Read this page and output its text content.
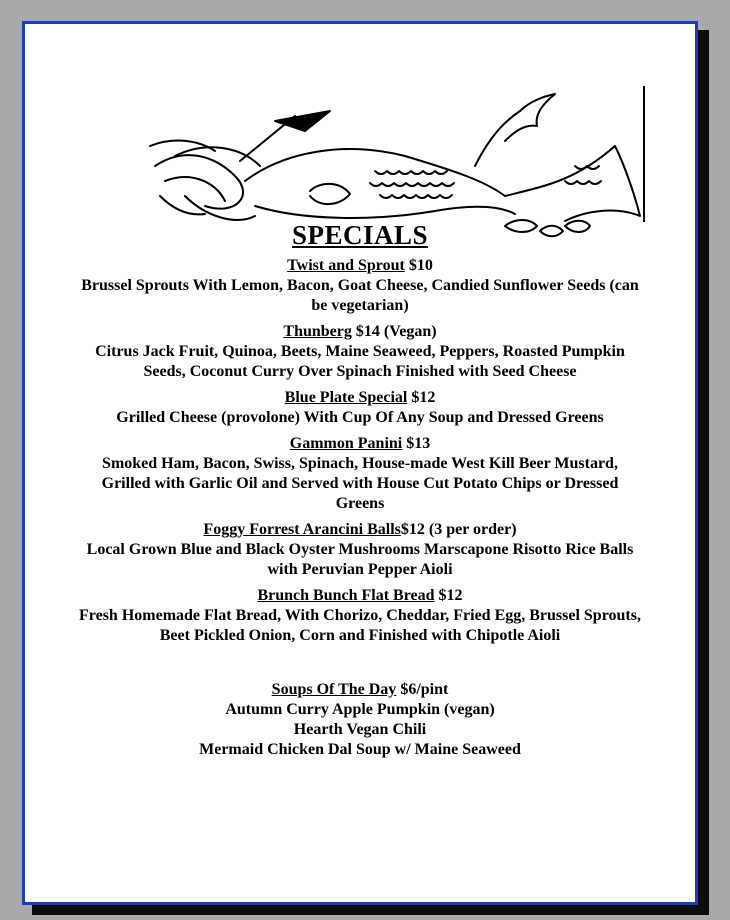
SPECIALS
Twist and Sprout $10
Brussel Sprouts With Lemon, Bacon, Goat Cheese, Candied Sunflower Seeds (can be vegetarian)
Thunberg $14 (Vegan)
Citrus Jack Fruit, Quinoa, Beets, Maine Seaweed, Peppers, Roasted Pumpkin Seeds, Coconut Curry Over Spinach Finished with Seed Cheese
Blue Plate Special $12
Grilled Cheese (provolone) With Cup Of Any Soup and Dressed Greens
Gammon Panini $13
Smoked Ham, Bacon, Swiss, Spinach, House-made West Kill Beer Mustard, Grilled with Garlic Oil and Served with House Cut Potato Chips or Dressed Greens
Foggy Forrest Arancini Balls$12 (3 per order)
Local Grown Blue and Black Oyster Mushrooms Marscapone Risotto Rice Balls with Peruvian Pepper Aioli
Brunch Bunch Flat Bread $12
Fresh Homemade Flat Bread, With Chorizo, Cheddar, Fried Egg, Brussel Sprouts, Beet Pickled Onion, Corn and Finished with Chipotle Aioli
Soups Of The Day $6/pint
Autumn Curry Apple Pumpkin (vegan)
Hearth Vegan Chili
Mermaid Chicken Dal Soup w/ Maine Seaweed
